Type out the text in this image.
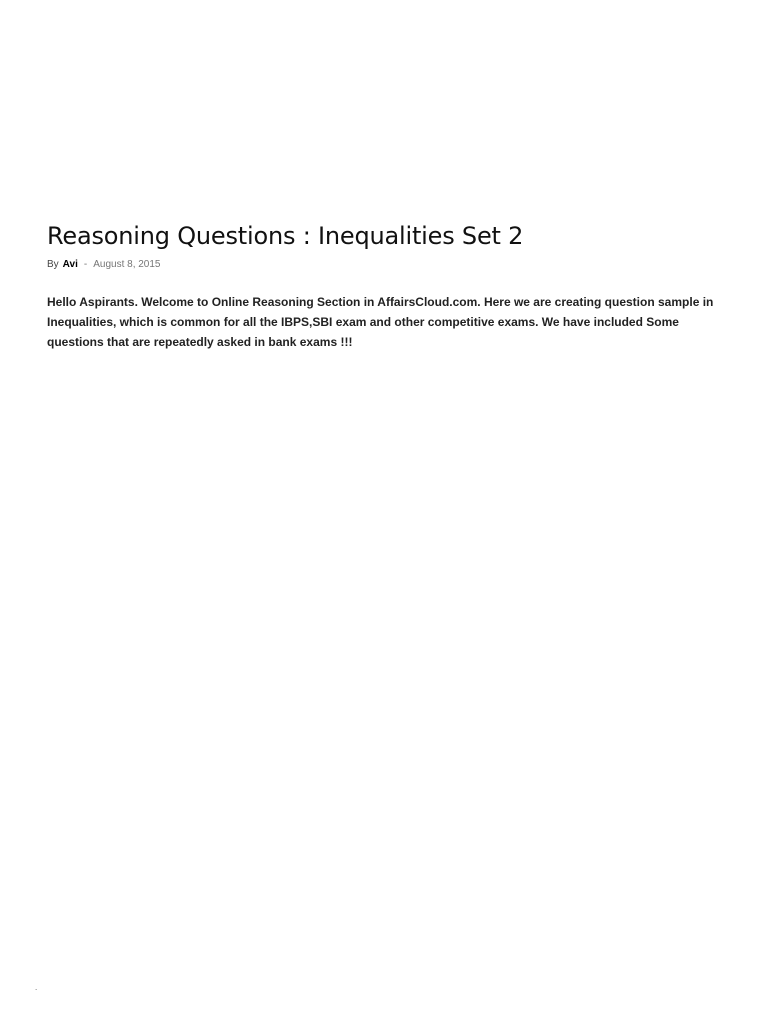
Reasoning Questions : Inequalities Set 2
By Avi - August 8, 2015

Hello Aspirants. Welcome to Online Reasoning Section in AffairsCloud.com. Here we are creating question sample in Inequalities, which is common for all the IBPS,SBI exam and other competitive exams. We have included Some questions that are repeatedly asked in bank exams !!!

.
